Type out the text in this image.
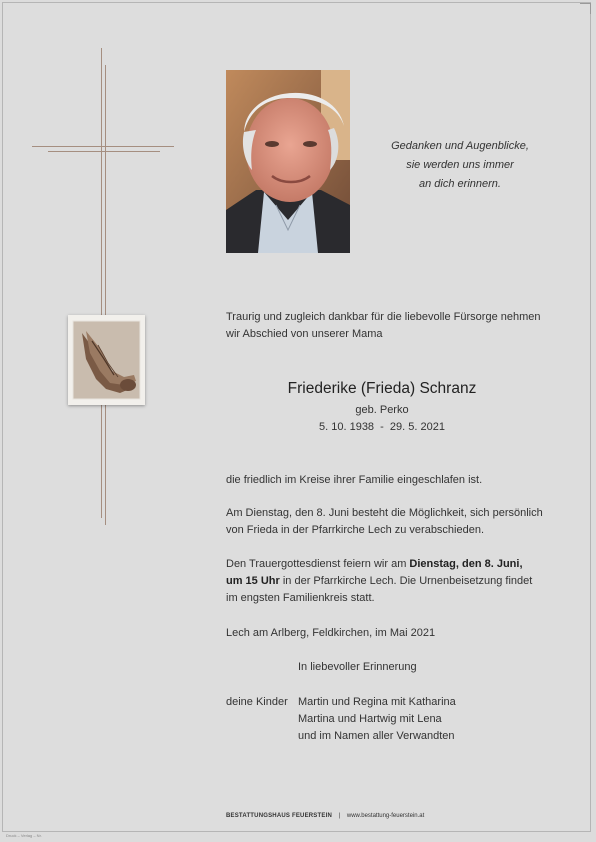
Gedanken und Augenblicke,
sie werden uns immer
an dich erinnern.
Traurig und zugleich dankbar für die liebevolle Fürsorge nehmen
wir Abschied von unserer Mama
Friederike (Frieda) Schranz
geb. Perko
5. 10. 1938  -  29. 5. 2021
die friedlich im Kreise ihrer Familie eingeschlafen ist.
Am Dienstag, den 8. Juni besteht die Möglichkeit, sich persönlich
von Frieda in der Pfarrkirche Lech zu verabschieden.
Den Trauergottesdienst feiern wir am Dienstag, den 8. Juni,
um 15 Uhr in der Pfarrkirche Lech. Die Urnenbeisetzung findet
im engsten Familienkreis statt.
Lech am Arlberg, Feldkirchen, im Mai 2021
In liebevoller Erinnerung
deine Kinder Martin und Regina mit Katharina
Martina und Hartwig mit Lena
und im Namen aller Verwandten
BESTATTUNGSHAUS FEUERSTEIN | www.bestattung-feuerstein.at
Druck – Verlag – Nr.
